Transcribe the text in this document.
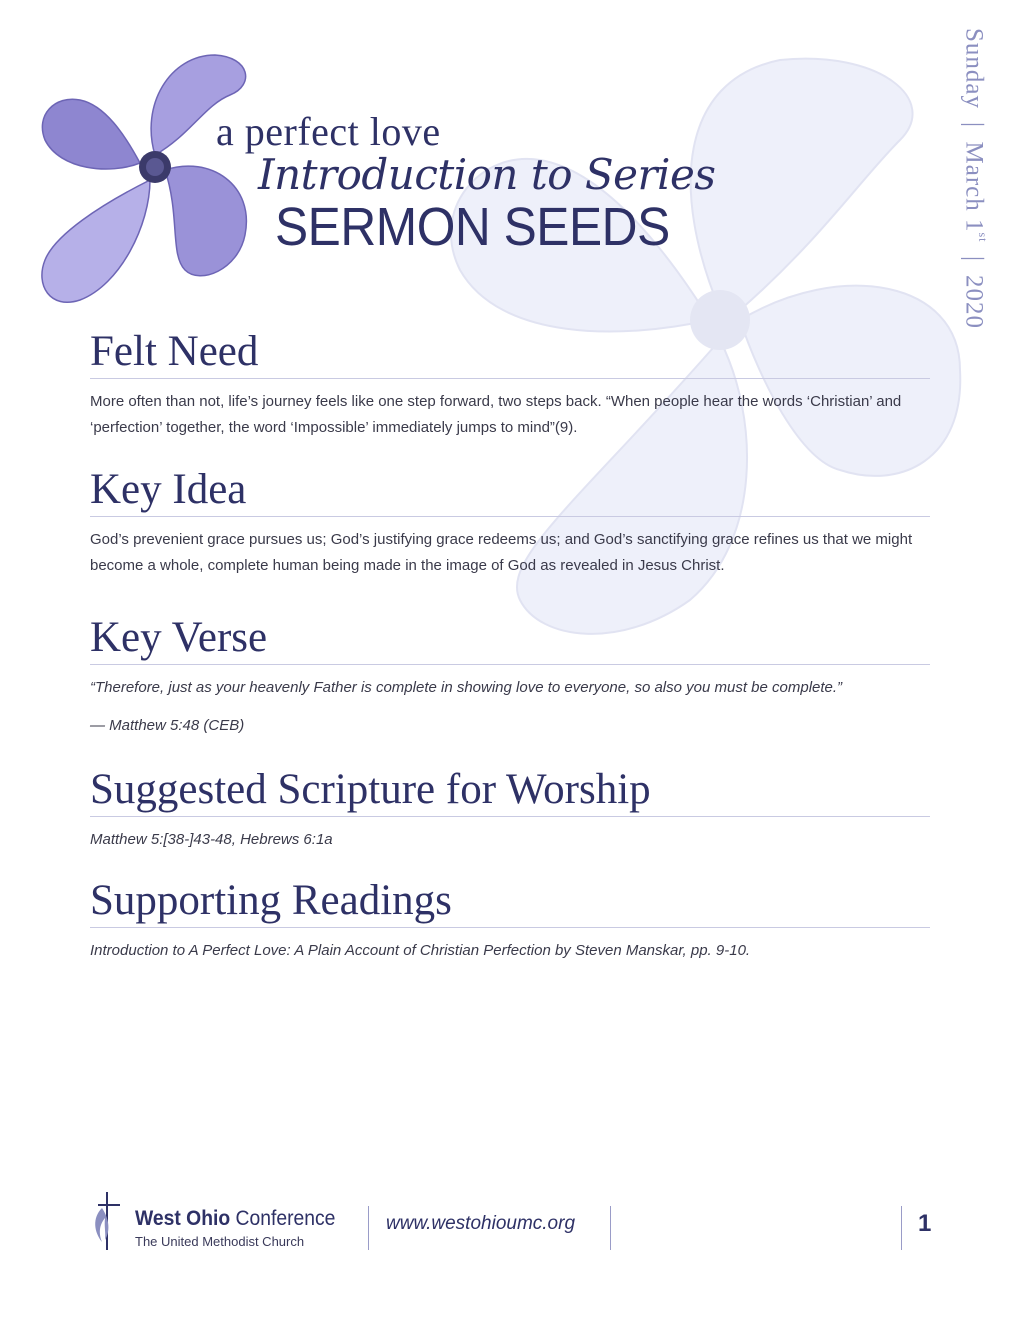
a perfect love
Introduction to Series
SERMON SEEDS
Sunday | March 1st | 2020
Felt Need

More often than not, life’s journey feels like one step forward, two steps back. “When people hear the words ‘Christian’ and ‘perfection’ together, the word ‘Impossible’ immediately jumps to mind”(9).

Key Idea

God’s prevenient grace pursues us; God’s justifying grace redeems us; and God’s sanctifying grace refines us that we might become a whole, complete human being made in the image of God as revealed in Jesus Christ.

Key Verse

“Therefore, just as your heavenly Father is complete in showing love to everyone, so also you must be complete.”

— Matthew 5:48 (CEB)

Suggested Scripture for Worship

Matthew 5:[38-]43-48, Hebrews 6:1a

Supporting Readings

Introduction to A Perfect Love: A Plain Account of Christian Perfection by Steven Manskar, pp. 9-10.

West Ohio Conference
The United Methodist Church
www.westohioumc.org	1
